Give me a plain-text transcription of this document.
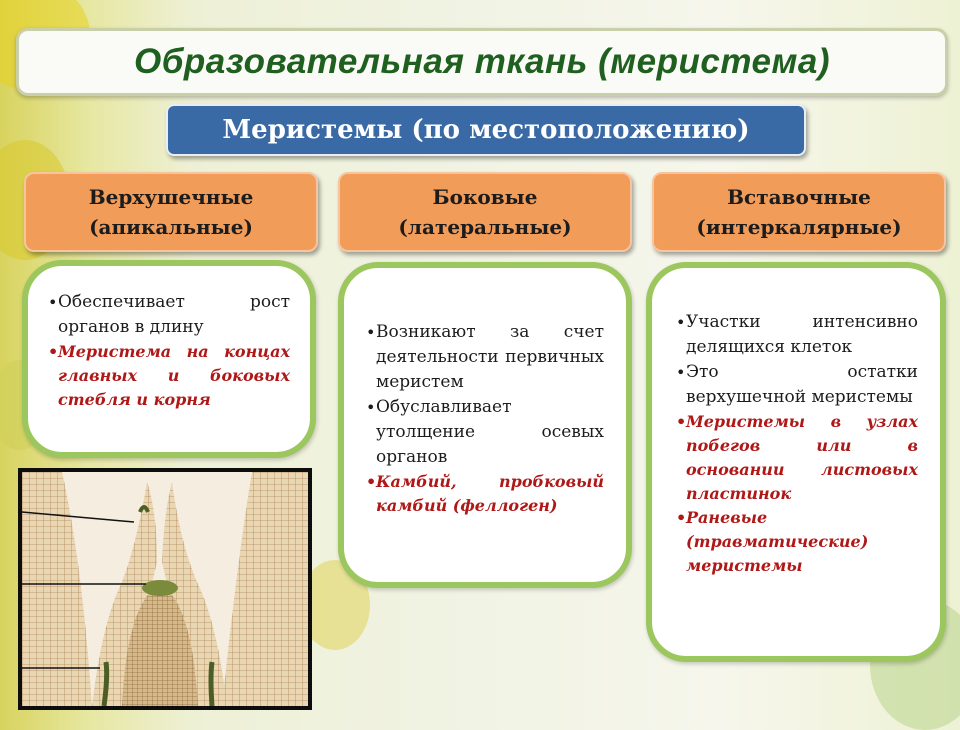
Образовательная ткань (меристема)
Меристемы (по местоположению)
Верхушечные
(апикальные)
Боковые
(латеральные)
Вставочные
(интеркалярные)
• Обеспечивает рост органов в длину
• Меристема на концах главных и боковых стебля и корня
• Возникают за счет деятельности первичных меристем
• Обуславливает утолщение осевых органов
• Камбий, пробковый камбий (феллоген)
• Участки интенсивно делящихся клеток
• Это остатки верхушечной меристемы
• Меристемы в узлах побегов или в основании листовых пластинок
• Раневые (травматические) меристемы
